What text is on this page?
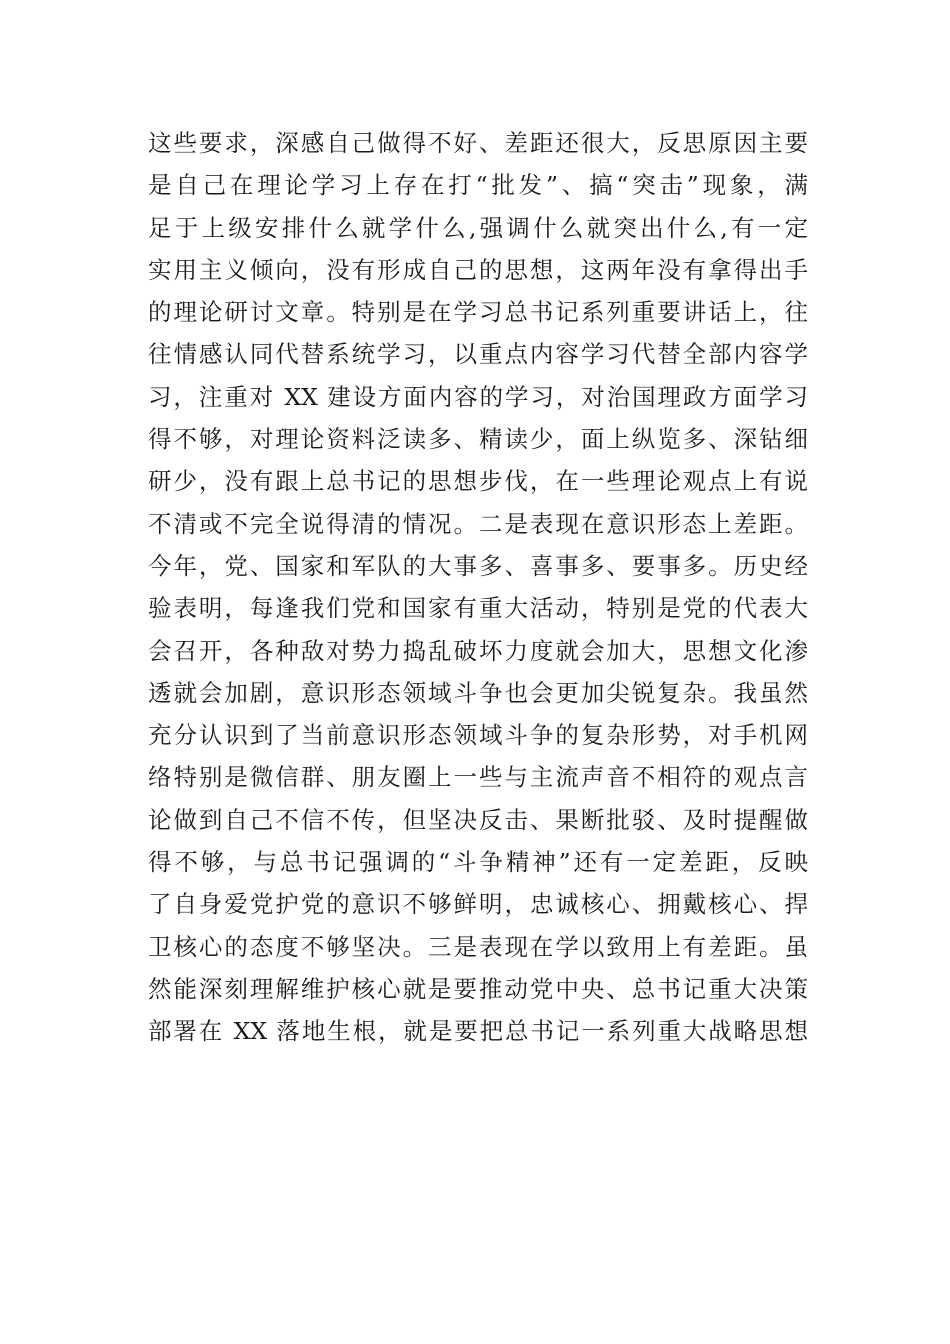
这些要求，深感自己做得不好、差距还很大，反思原因主要
是自己在理论学习上存在打“批发”、搞“突击”现象，满
足于上级安排什么就学什么,强调什么就突出什么,有一定
实用主义倾向，没有形成自己的思想，这两年没有拿得出手
的理论研讨文章。特别是在学习总书记系列重要讲话上，往
往情感认同代替系统学习，以重点内容学习代替全部内容学
习，注重对 XX 建设方面内容的学习，对治国理政方面学习
得不够，对理论资料泛读多、精读少，面上纵览多、深钻细
研少，没有跟上总书记的思想步伐，在一些理论观点上有说
不清或不完全说得清的情况。二是表现在意识形态上差距。
今年，党、国家和军队的大事多、喜事多、要事多。历史经
验表明，每逢我们党和国家有重大活动，特别是党的代表大
会召开，各种敌对势力捣乱破坏力度就会加大，思想文化渗
透就会加剧，意识形态领域斗争也会更加尖锐复杂。我虽然
充分认识到了当前意识形态领域斗争的复杂形势，对手机网
络特别是微信群、朋友圈上一些与主流声音不相符的观点言
论做到自己不信不传，但坚决反击、果断批驳、及时提醒做
得不够，与总书记强调的“斗争精神”还有一定差距，反映
了自身爱党护党的意识不够鲜明，忠诚核心、拥戴核心、捍
卫核心的态度不够坚决。三是表现在学以致用上有差距。虽
然能深刻理解维护核心就是要推动党中央、总书记重大决策
部署在 XX 落地生根，就是要把总书记一系列重大战略思想
